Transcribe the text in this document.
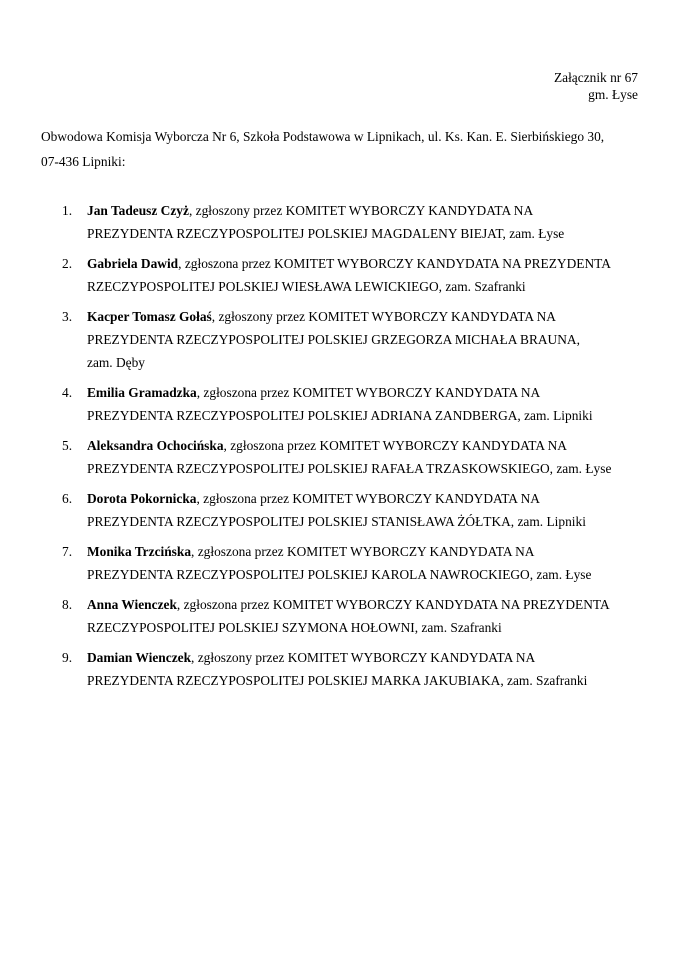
Załącznik nr 67
gm. Łyse
Obwodowa Komisja Wyborcza Nr 6, Szkoła Podstawowa w Lipnikach, ul. Ks. Kan. E. Sierbińskiego 30,
07-436 Lipniki:
1. Jan Tadeusz Czyż, zgłoszony przez KOMITET WYBORCZY KANDYDATA NA
PREZYDENTA RZECZYPOSPOLITEJ POLSKIEJ MAGDALENY BIEJAT, zam. Łyse
2. Gabriela Dawid, zgłoszona przez KOMITET WYBORCZY KANDYDATA NA PREZYDENTA
RZECZYPOSPOLITEJ POLSKIEJ WIESŁAWA LEWICKIEGO, zam. Szafranki
3. Kacper Tomasz Gołaś, zgłoszony przez KOMITET WYBORCZY KANDYDATA NA
PREZYDENTA RZECZYPOSPOLITEJ POLSKIEJ GRZEGORZA MICHAŁA BRAUNA,
zam. Dęby
4. Emilia Gramadzka, zgłoszona przez KOMITET WYBORCZY KANDYDATA NA
PREZYDENTA RZECZYPOSPOLITEJ POLSKIEJ ADRIANA ZANDBERGA, zam. Lipniki
5. Aleksandra Ochocińska, zgłoszona przez KOMITET WYBORCZY KANDYDATA NA
PREZYDENTA RZECZYPOSPOLITEJ POLSKIEJ RAFAŁA TRZASKOWSKIEGO, zam. Łyse
6. Dorota Pokornicka, zgłoszona przez KOMITET WYBORCZY KANDYDATA NA
PREZYDENTA RZECZYPOSPOLITEJ POLSKIEJ STANISŁAWA ŻÓŁTKA, zam. Lipniki
7. Monika Trzcińska, zgłoszona przez KOMITET WYBORCZY KANDYDATA NA
PREZYDENTA RZECZYPOSPOLITEJ POLSKIEJ KAROLA NAWROCKIEGO, zam. Łyse
8. Anna Wienczek, zgłoszona przez KOMITET WYBORCZY KANDYDATA NA PREZYDENTA
RZECZYPOSPOLITEJ POLSKIEJ SZYMONA HOŁOWNI, zam. Szafranki
9. Damian Wienczek, zgłoszony przez KOMITET WYBORCZY KANDYDATA NA
PREZYDENTA RZECZYPOSPOLITEJ POLSKIEJ MARKA JAKUBIAKA, zam. Szafranki
